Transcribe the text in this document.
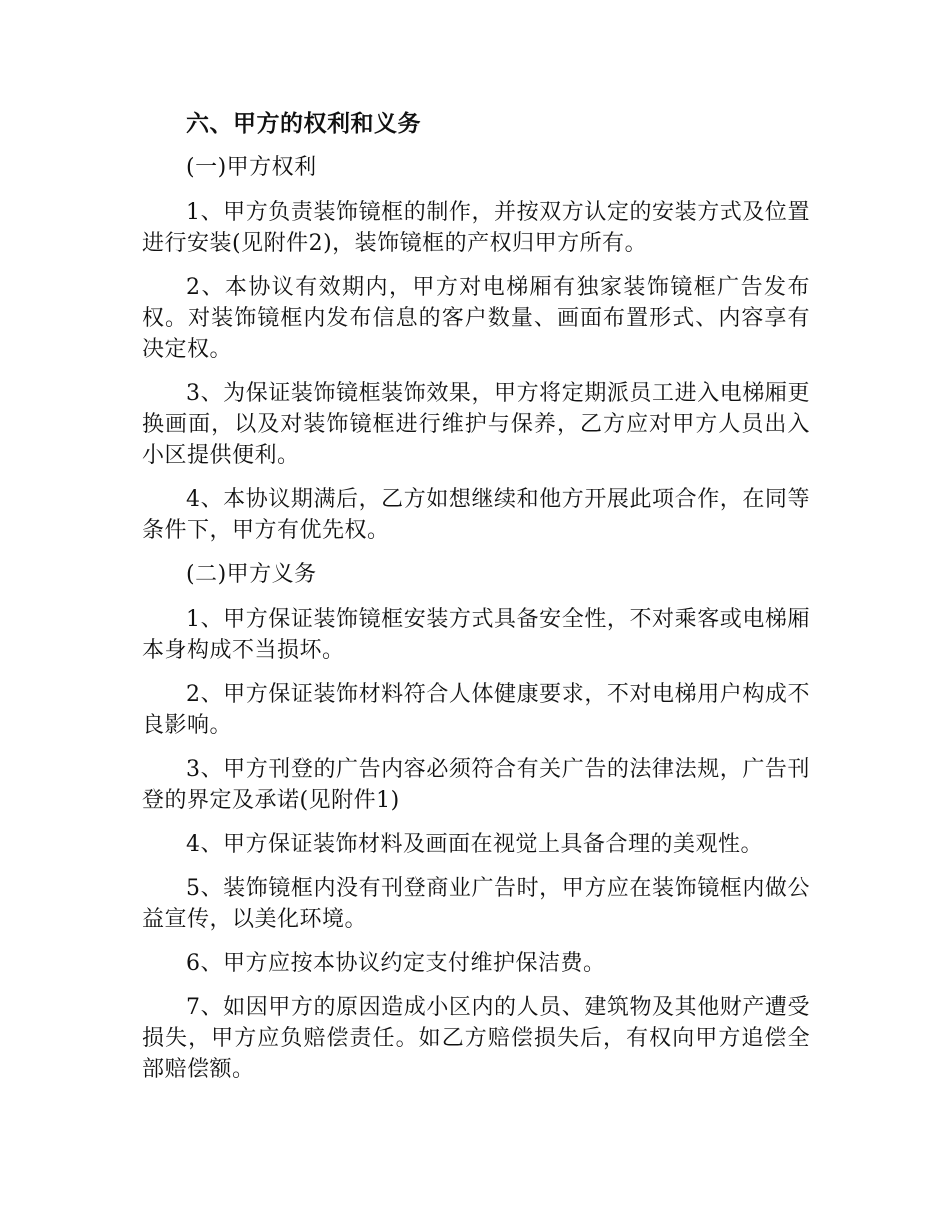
六、甲方的权利和义务
(一)甲方权利

1、甲方负责装饰镜框的制作，并按双方认定的安装方式及位置进行安装(见附件2)，装饰镜框的产权归甲方所有。

2、本协议有效期内，甲方对电梯厢有独家装饰镜框广告发布权。对装饰镜框内发布信息的客户数量、画面布置形式、内容享有决定权。

3、为保证装饰镜框装饰效果，甲方将定期派员工进入电梯厢更换画面，以及对装饰镜框进行维护与保养，乙方应对甲方人员出入小区提供便利。

4、本协议期满后，乙方如想继续和他方开展此项合作，在同等条件下，甲方有优先权。

(二)甲方义务

1、甲方保证装饰镜框安装方式具备安全性，不对乘客或电梯厢本身构成不当损坏。

2、甲方保证装饰材料符合人体健康要求，不对电梯用户构成不良影响。

3、甲方刊登的广告内容必须符合有关广告的法律法规，广告刊登的界定及承诺(见附件1)

4、甲方保证装饰材料及画面在视觉上具备合理的美观性。

5、装饰镜框内没有刊登商业广告时，甲方应在装饰镜框内做公益宣传，以美化环境。

6、甲方应按本协议约定支付维护保洁费。

7、如因甲方的原因造成小区内的人员、建筑物及其他财产遭受损失，甲方应负赔偿责任。如乙方赔偿损失后，有权向甲方追偿全部赔偿额。
